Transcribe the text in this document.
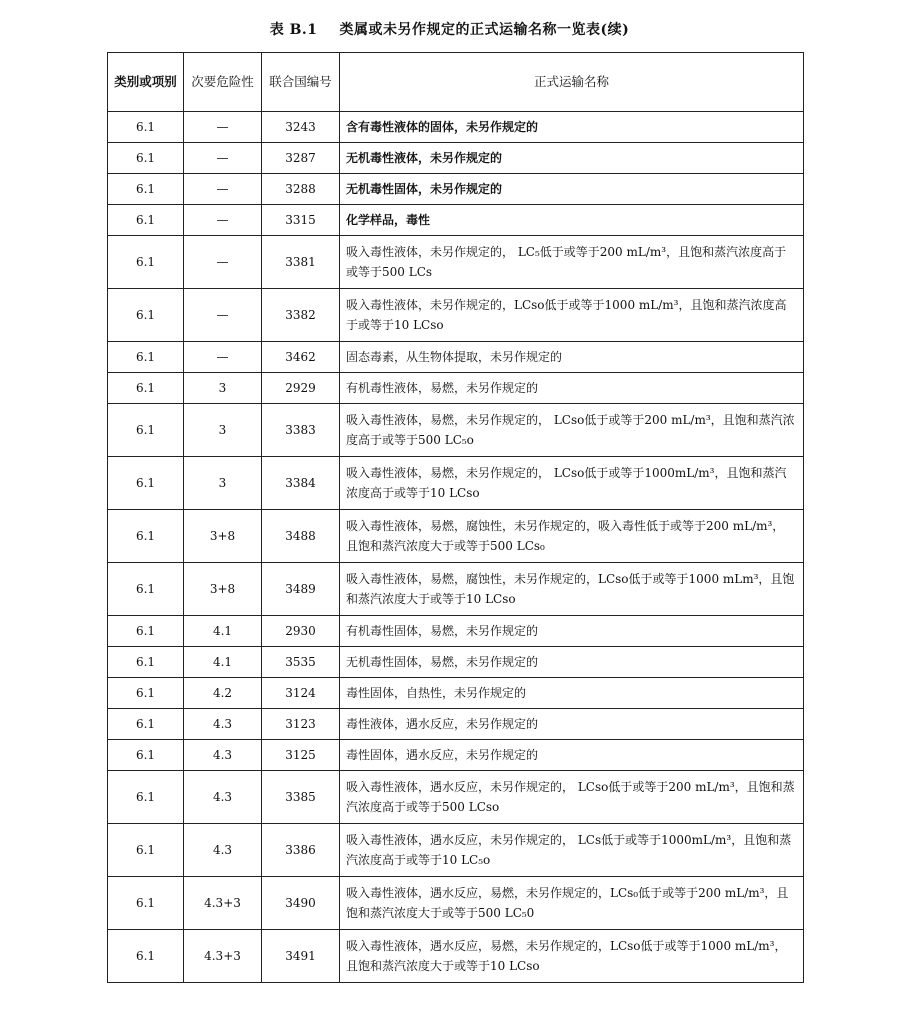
表 B.1 类属或未另作规定的正式运输名称一览表(续)
类别或项别	次要危险性	联合国编号	正式运输名称
6.1	—	3243	含有毒性液体的固体，未另作规定的
6.1	—	3287	无机毒性液体，未另作规定的
6.1	—	3288	无机毒性固体，未另作规定的
6.1	—	3315	化学样品，毒性
6.1	—	3381	吸入毒性液体，未另作规定的， LC₅低于或等于200 mL/m³，且饱和蒸汽浓度高于或等于500 LCs
6.1	—	3382	吸入毒性液体，未另作规定的，LCso低于或等于1000 mL/m³，且饱和蒸汽浓度高于或等于10 LCso
6.1	—	3462	固态毒素，从生物体提取，未另作规定的
6.1	3	2929	有机毒性液体，易燃，未另作规定的
6.1	3	3383	吸入毒性液体，易燃，未另作规定的， LCso低于或等于200 mL/m³，且饱和蒸汽浓度高于或等于500 LC₅o
6.1	3	3384	吸入毒性液体，易燃，未另作规定的， LCso低于或等于1000mL/m³，且饱和蒸汽浓度高于或等于10 LCso
6.1	3+8	3488	吸入毒性液体，易燃，腐蚀性，未另作规定的，吸入毒性低于或等于200 mL/m³，且饱和蒸汽浓度大于或等于500 LCs₀
6.1	3+8	3489	吸入毒性液体，易燃，腐蚀性，未另作规定的，LCso低于或等于1000 mLm³，且饱和蒸汽浓度大于或等于10 LCso
6.1	4.1	2930	有机毒性固体，易燃，未另作规定的
6.1	4.1	3535	无机毒性固体，易燃，未另作规定的
6.1	4.2	3124	毒性固体，自热性，未另作规定的
6.1	4.3	3123	毒性液体，遇水反应，未另作规定的
6.1	4.3	3125	毒性固体，遇水反应，未另作规定的
6.1	4.3	3385	吸入毒性液体，遇水反应，未另作规定的， LCso低于或等于200 mL/m³，且饱和蒸汽浓度高于或等于500 LCso
6.1	4.3	3386	吸入毒性液体，遇水反应，未另作规定的， LCs低于或等于1000mL/m³，且饱和蒸汽浓度高于或等于10 LC₅o
6.1	4.3+3	3490	吸入毒性液体，遇水反应，易燃，未另作规定的，LCs₀低于或等于200 mL/m³，且饱和蒸汽浓度大于或等于500 LC₅0
6.1	4.3+3	3491	吸入毒性液体，遇水反应，易燃，未另作规定的，LCso低于或等于1000 mL/m³，且饱和蒸汽浓度大于或等于10 LCso
